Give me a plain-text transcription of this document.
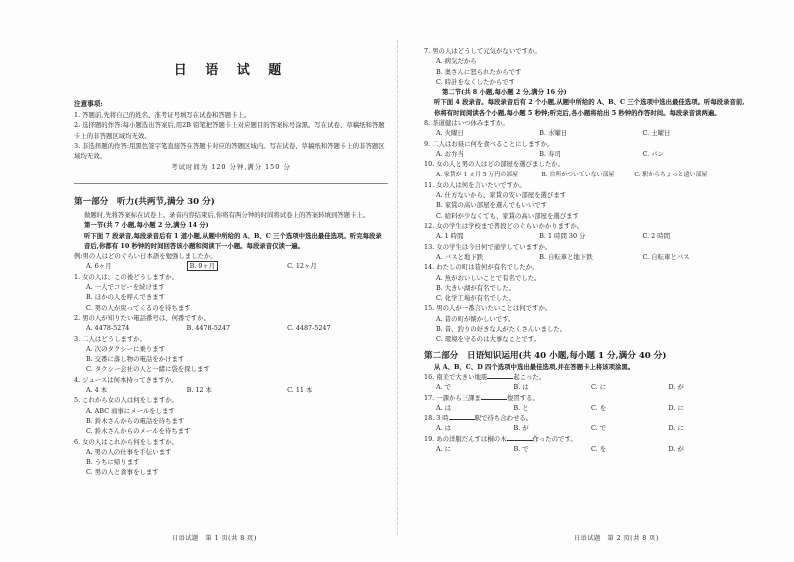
日 语 试 题
注意事项:
1. 答题前,先将自己的姓名、准考证号填写在试卷和答题卡上。
2. 选择题的作答:每小题选出答案后,用2B 铅笔把答题卡上对应题目的答案标号涂黑。写在试卷、草稿纸和答题卡上的非答题区域均无效。
3. 非选择题的作答:用黑色签字笔直接答在答题卡对应的答题区域内。写在试卷、草稿纸和答题卡上的非答题区域均无效。
考试时间为 120 分钟,满分 150 分
第一部分　听力(共两节,满分 30 分)
做题时,先将答案标在试卷上。录音内容结束后,你将有两分钟的时间将试卷上的答案转填到答题卡上。
第一节(共 7 小题,每小题 2 分,满分 14 分)
听下面 7 段录音,每段录音后有 1 道小题,从题中所给的 A、B、C 三个选项中选出最佳选项。听完每段录音后,你都有 10 秒钟的时间回答该小题和阅读下一小题。每段录音仅读一遍。
例:男の人はどのぐらい日本語を勉強しましたか。
A. 6ヶ月	B. 9ヶ月	C. 12ヶ月
1. 女の人は、この後どうしますか。
A. 一人でコピーを続けます
B. ほかの人を呼んできます
C. 男の人が戻ってくるのを待ちます
2. 男の人が知りたい電話番号は、何番ですか。
A. 4478-5274	B. 4478-5247	C. 4487-5247
3. 二人はどうしますか。
A. 次のタクシーに乗ります
B. 交番に落し物の電話をかけます
C. タクシー会社の人と一緒に袋を探します
4. ジュースは何本持ってきますか。
A. 4 本	B. 12 本	C. 11 本
5. これから女の人は何をしますか。
A. ABC 商事にメールをします
B. 鈴木さんからの電話を待ちます
C. 鈴木さんからのメールを待ちます
6. 女の人はこれから何をしますか。
A. 男の人の仕事を手伝います
B. うちに帰ります
C. 男の人と食事をします
日语试题　第 1 页(共 8 页)
7. 男の人はどうして元気がないですか。
A. 病気だから
B. 奥さんに怒られたからです
C. 時計をなくしたからです
第二节(共 8 小题,每小题 2 分,满分 16 分)
听下面 4 段录音。每段录音后有 2 个小题,从题中所给的 A、B、C 三个选项中选出最佳选项。听每段录音前,你将有时间阅读各个小题,每小题 5 秒钟;听完后,各小题将给出 5 秒钟的作答时间。每段录音读两遍。
8. 茶道健はいつ休みますか。
A. 火曜日	B. 水曜日	C. 土曜日
9. 二人はお昼に何を食べることにしますか。
A. お弁当	B. 寿司	C. パン
10. 女の人と男の人はどの部屋を選びましたか。
A. 家賃が 1 ヵ月 5 万円の部屋	B. 台所がついていない部屋	C. 駅からちょっと遠い部屋
11. 女の人は何を言いたいですか。
A. 仕方ないから、家賃の安い部屋を選びます
B. 家賃の高い部屋を選んでもいいです
C. 給料が少なくても、家賃の高い部屋を選びます
12. 女の学生は学校まで普段どのぐらいかかりますか。
A. 1 時間	B. 1 時間 30 分	C. 2 時間
13. 女の学生は今日何で通学していますか。
A. バスと地下鉄	B. 自転車と地下鉄	C. 自転車とバス
14. わたしの町は昔何が有名でしたか。
A. 魚がおいしいことで有名でした。
B. 大きい湖が有名でした。
C. 化学工場が有名でした。
15. 男の人が一番言いたいことは何ですか。
A. 昔の町が懐かしいです。
B. 昔、釣りの好きな人がたくさんいました。
C. 環境を守るのは大事なことです。
第二部分　日语知识运用(共 40 小题,每小题 1 分,满分 40 分)
从 A、B、C、D 四个选项中选出最佳选项,并在答题卡上将该项涂黑。
16. 南美で大きい地震	起こった。
A. で	B. は	C. に	D. が
17. 一課から三課ま	復習する。
A. は	B. と	C. を	D. に
18. 3 時	駅で待ち合わせる。
A. は	B. が	C. で	D. に
19. あの洋服だんすは桐の木	作ったのです。
A. に	B. で	C. を	D. が
日语试题　第 2 页(共 8 页)
